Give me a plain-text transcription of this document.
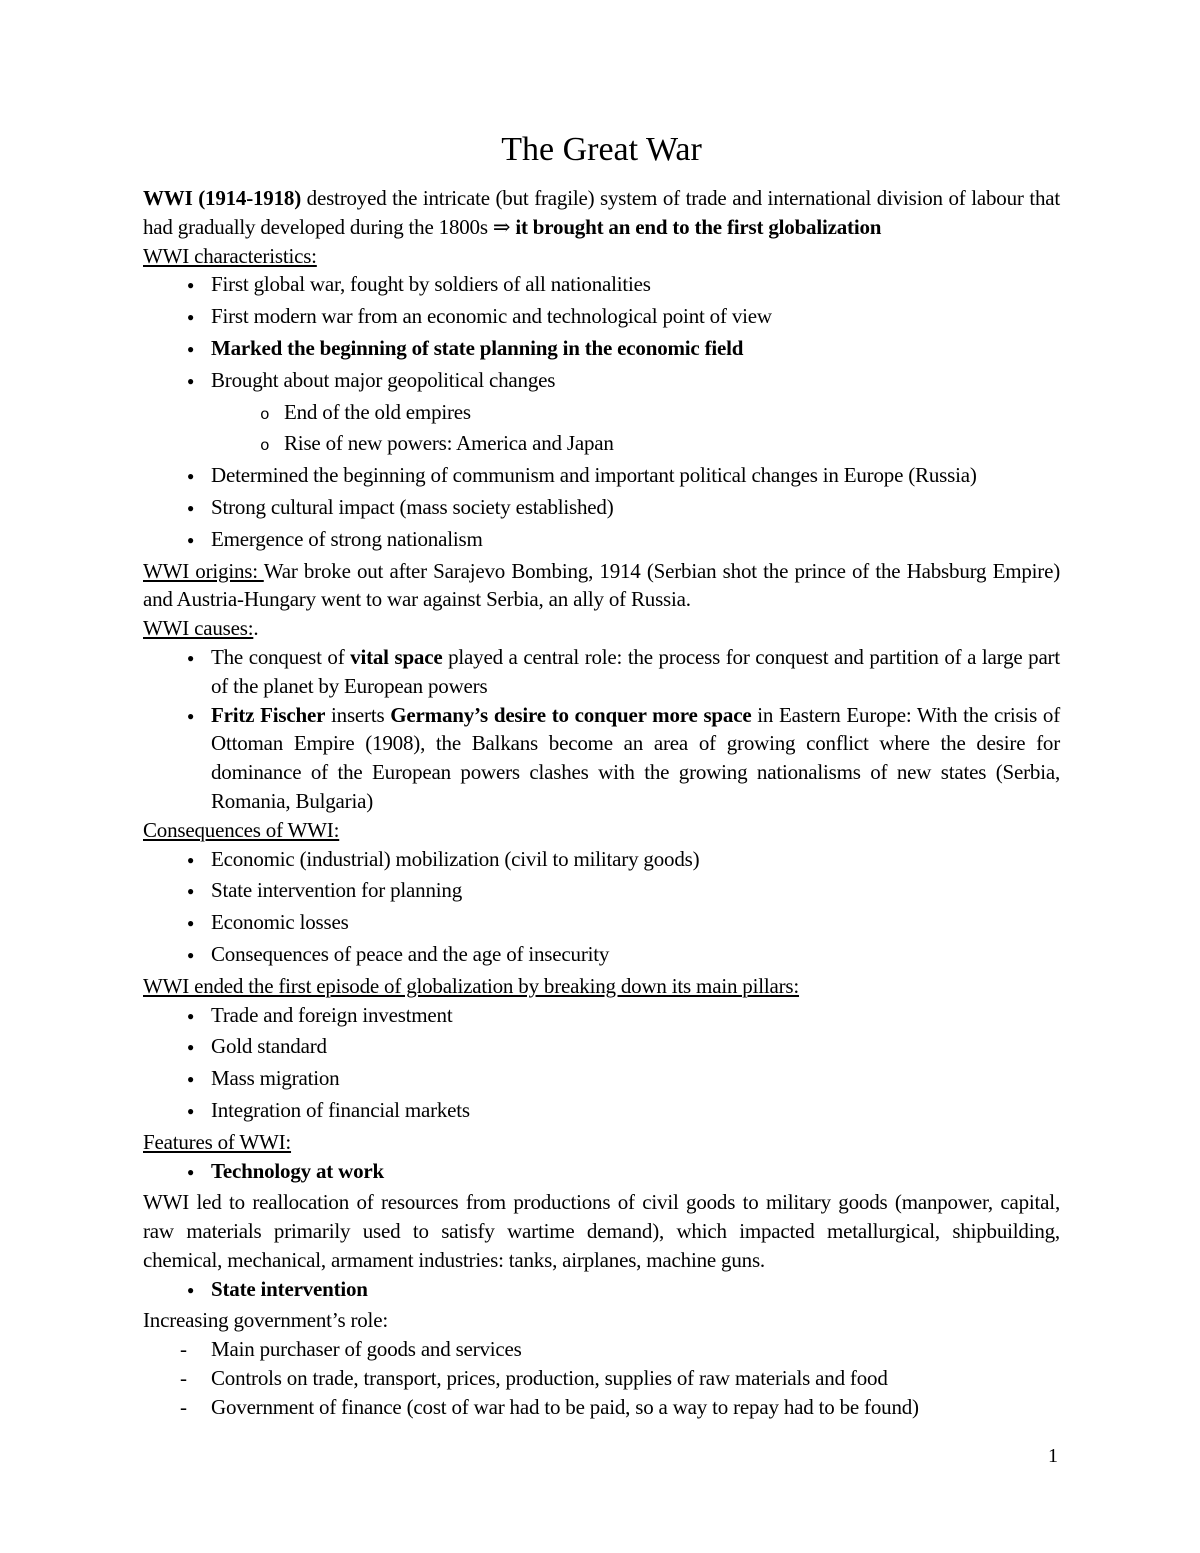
The Great War

WWI (1914-1918) destroyed the intricate (but fragile) system of trade and international division of labour that had gradually developed during the 1800s ⇒ it brought an end to the first globalization

WWI characteristics:

● First global war, fought by soldiers of all nationalities
● First modern war from an economic and technological point of view
● Marked the beginning of state planning in the economic field
● Brought about major geopolitical changes
o End of the old empires
o Rise of new powers: America and Japan
● Determined the beginning of communism and important political changes in Europe (Russia)
● Strong cultural impact (mass society established)
● Emergence of strong nationalism

WWI origins: War broke out after Sarajevo Bombing, 1914 (Serbian shot the prince of the Habsburg Empire) and Austria-Hungary went to war against Serbia, an ally of Russia.

WWI causes:.

● The conquest of vital space played a central role: the process for conquest and partition of a large part of the planet by European powers
● Fritz Fischer inserts Germany’s desire to conquer more space in Eastern Europe: With the crisis of Ottoman Empire (1908), the Balkans become an area of growing conflict where the desire for dominance of the European powers clashes with the growing nationalisms of new states (Serbia, Romania, Bulgaria)

Consequences of WWI:

● Economic (industrial) mobilization (civil to military goods)
● State intervention for planning
● Economic losses
● Consequences of peace and the age of insecurity

WWI ended the first episode of globalization by breaking down its main pillars:

● Trade and foreign investment
● Gold standard
● Mass migration
● Integration of financial markets

Features of WWI:

● Technology at work

WWI led to reallocation of resources from productions of civil goods to military goods (manpower, capital, raw materials primarily used to satisfy wartime demand), which impacted metallurgical, shipbuilding, chemical, mechanical, armament industries: tanks, airplanes, machine guns.

● State intervention

Increasing government’s role:

-	Main purchaser of goods and services
-	Controls on trade, transport, prices, production, supplies of raw materials and food
-	Government of finance (cost of war had to be paid, so a way to repay had to be found)
1
